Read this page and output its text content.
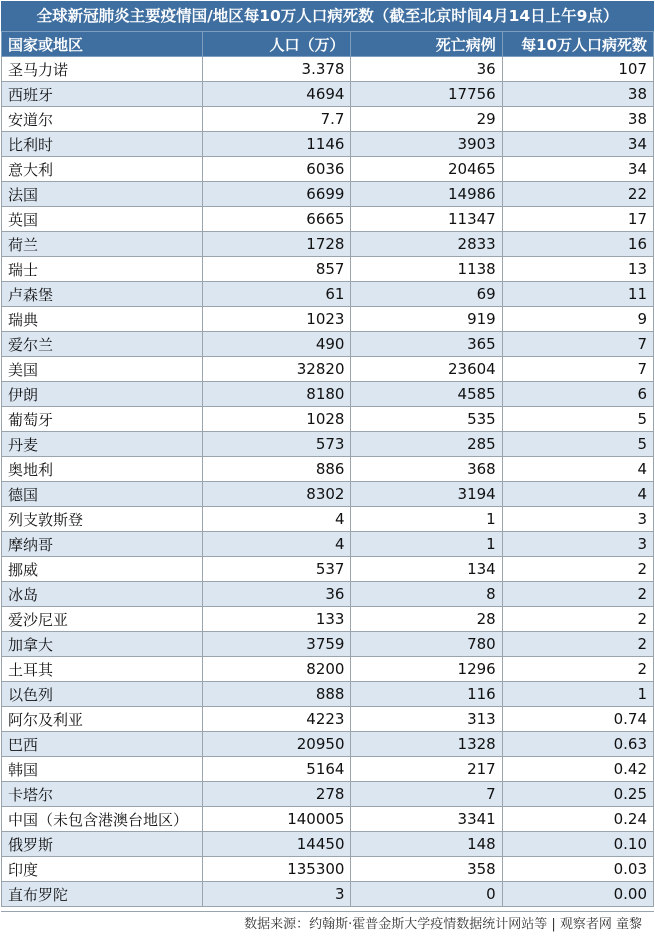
全球新冠肺炎主要疫情国/地区每10万人口病死数（截至北京时间4月14日上午9点）
国家或地区	人口（万）	死亡病例	每10万人口病死数
圣马力诺	3.378	36	107
西班牙	4694	17756	38
安道尔	7.7	29	38
比利时	1146	3903	34
意大利	6036	20465	34
法国	6699	14986	22
英国	6665	11347	17
荷兰	1728	2833	16
瑞士	857	1138	13
卢森堡	61	69	11
瑞典	1023	919	9
爱尔兰	490	365	7
美国	32820	23604	7
伊朗	8180	4585	6
葡萄牙	1028	535	5
丹麦	573	285	5
奥地利	886	368	4
德国	8302	3194	4
列支敦斯登	4	1	3
摩纳哥	4	1	3
挪威	537	134	2
冰岛	36	8	2
爱沙尼亚	133	28	2
加拿大	3759	780	2
土耳其	8200	1296	2
以色列	888	116	1
阿尔及利亚	4223	313	0.74
巴西	20950	1328	0.63
韩国	5164	217	0.42
卡塔尔	278	7	0.25
中国（未包含港澳台地区）	140005	3341	0.24
俄罗斯	14450	148	0.10
印度	135300	358	0.03
直布罗陀	3	0	0.00
数据来源：约翰斯·霍普金斯大学疫情数据统计网站等 | 观察者网 童黎
